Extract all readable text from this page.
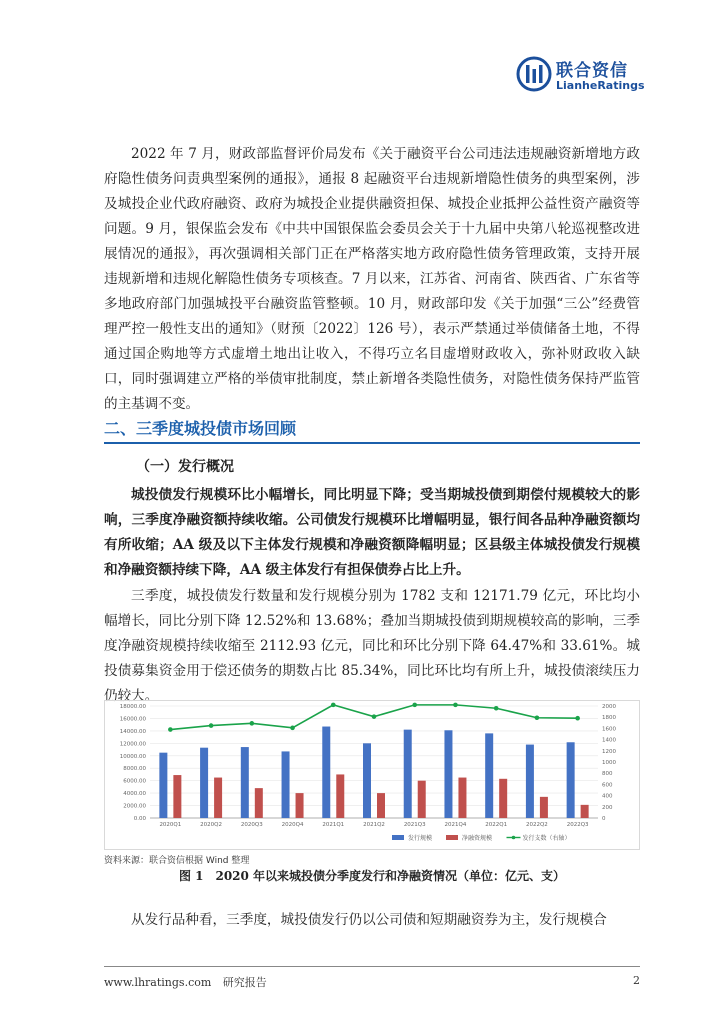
联合资信
LianheRatings

2022 年 7 月，财政部监督评价局发布《关于融资平台公司违法违规融资新增地方政府隐性债务问责典型案例的通报》，通报 8 起融资平台违规新增隐性债务的典型案例，涉及城投企业代政府融资、政府为城投企业提供融资担保、城投企业抵押公益性资产融资等问题。9 月，银保监会发布《中共中国银保监会委员会关于十九届中央第八轮巡视整改进展情况的通报》，再次强调相关部门正在严格落实地方政府隐性债务管理政策，支持开展违规新增和违规化解隐性债务专项核查。7 月以来，江苏省、河南省、陕西省、广东省等多地政府部门加强城投平台融资监管整顿。10 月，财政部印发《关于加强“三公”经费管理严控一般性支出的通知》（财预〔2022〕126 号），表示严禁通过举债储备土地，不得通过国企购地等方式虚增土地出让收入，不得巧立名目虚增财政收入，弥补财政收入缺口，同时强调建立严格的举债审批制度，禁止新增各类隐性债务，对隐性债务保持严监管的主基调不变。

二、三季度城投债市场回顾
（一）发行概况

城投债发行规模环比小幅增长，同比明显下降；受当期城投债到期偿付规模较大的影响，三季度净融资额持续收缩。公司债发行规模环比增幅明显，银行间各品种净融资额均有所收缩；AA 级及以下主体发行规模和净融资额降幅明显；区县级主体城投债发行规模和净融资额持续下降，AA 级主体发行有担保债券占比上升。

三季度，城投债发行数量和发行规模分别为 1782 支和 12171.79 亿元，环比均小幅增长，同比分别下降 12.52%和 13.68%；叠加当期城投债到期规模较高的影响，三季度净融资规模持续收缩至 2112.93 亿元，同比和环比分别下降 64.47%和 33.61%。城投债募集资金用于偿还债务的期数占比 85.34%，同比环比均有所上升，城投债滚续压力仍较大。

0.00
2000.00
4000.00
6000.00
8000.00
10000.00
12000.00
14000.00
16000.00
18000.00
0
200
400
600
800
1000
1200
1400
1600
1800
2000
2020Q1	2020Q2	2020Q3	2020Q4	2021Q1	2021Q2	2021Q3	2021Q4	2022Q1	2022Q2	2022Q3
发行规模	净融资规模	发行支数（右轴）
资料来源：联合资信根据 Wind 整理
图 1　2020 年以来城投债分季度发行和净融资情况（单位：亿元、支）

从发行品种看，三季度，城投债发行仍以公司债和短期融资券为主，发行规模合

www.lhratings.com 研究报告	2
